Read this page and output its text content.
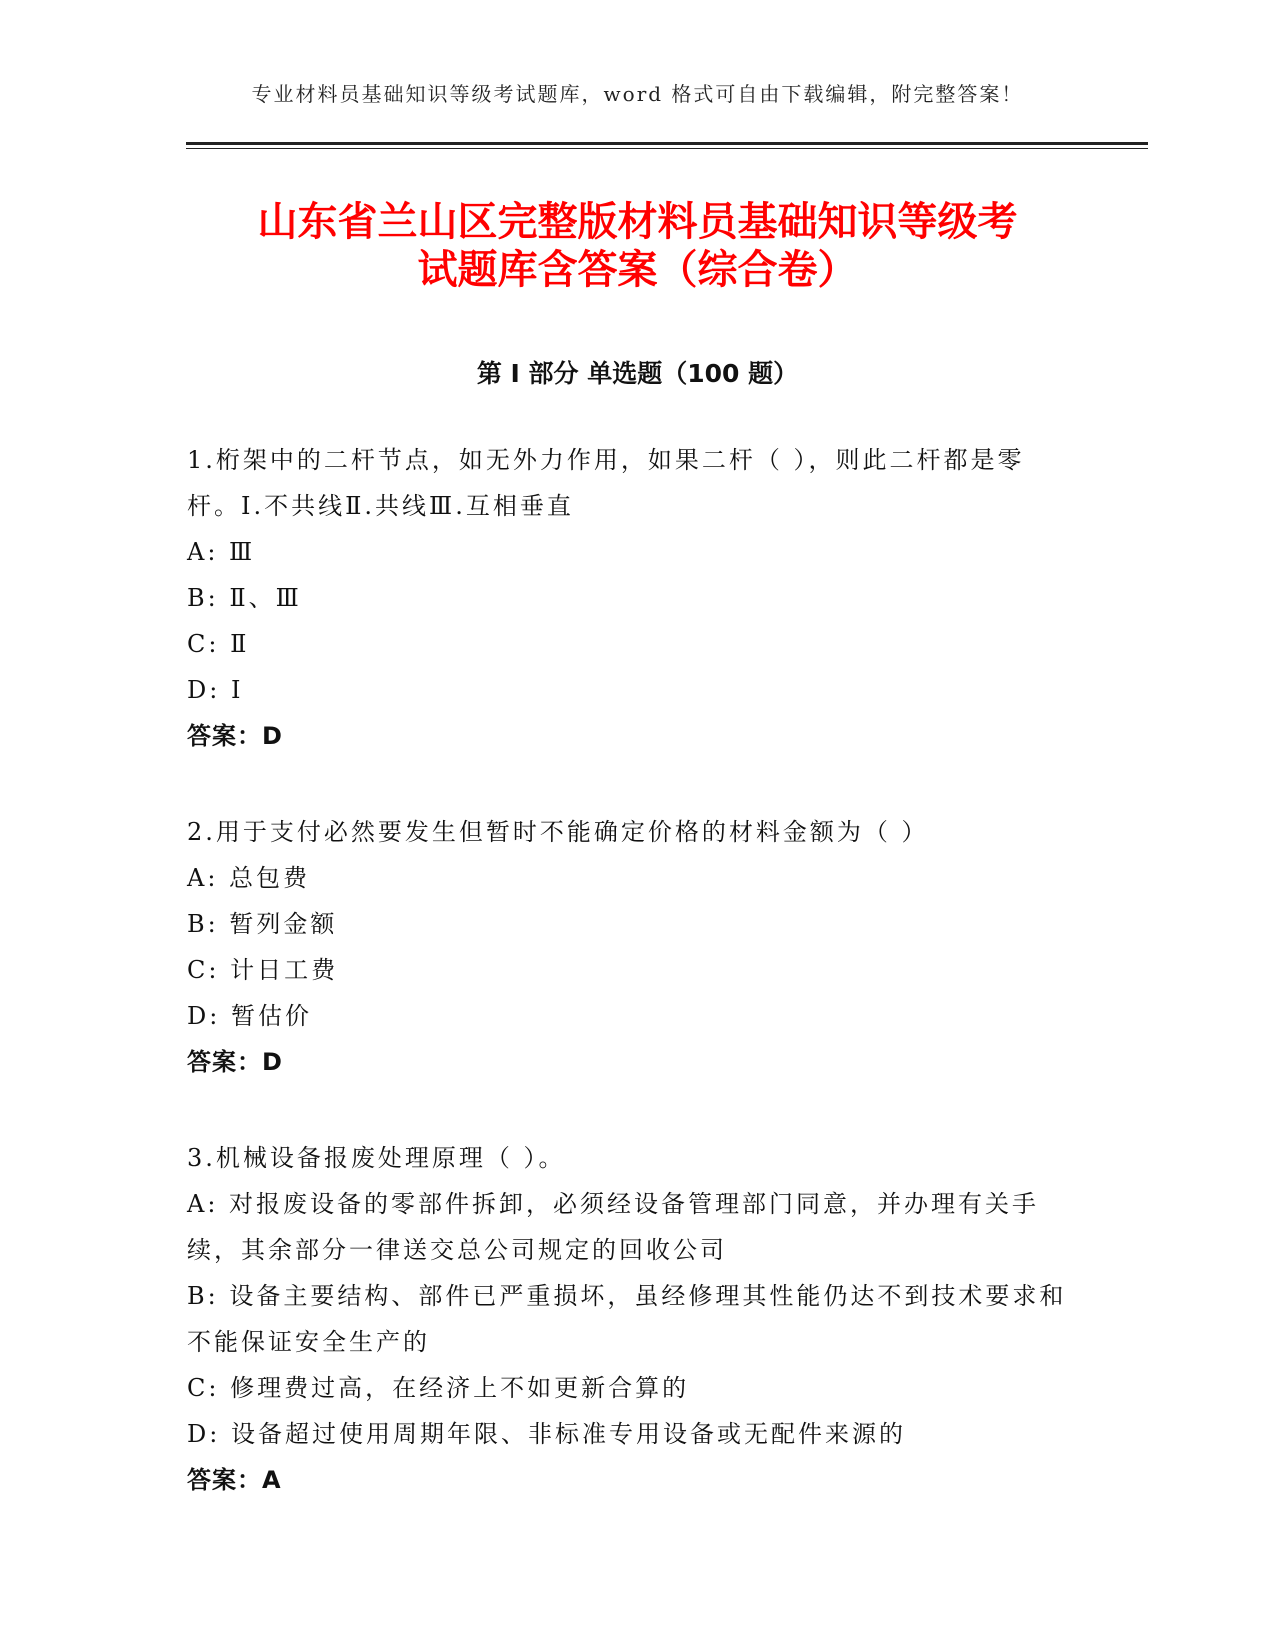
专业材料员基础知识等级考试题库，word 格式可自由下载编辑，附完整答案！
山东省兰山区完整版材料员基础知识等级考
试题库含答案（综合卷）
第 I 部分 单选题（100 题）
1.桁架中的二杆节点，如无外力作用，如果二杆（ ），则此二杆都是零杆。I.不共线Ⅱ.共线Ⅲ.互相垂直
A: Ⅲ
B: Ⅱ、Ⅲ
C: Ⅱ
D: I
答案：D
2.用于支付必然要发生但暂时不能确定价格的材料金额为（ ）
A: 总包费
B: 暂列金额
C: 计日工费
D: 暂估价
答案：D
3.机械设备报废处理原理（ ）。
A: 对报废设备的零部件拆卸，必须经设备管理部门同意，并办理有关手续，其余部分一律送交总公司规定的回收公司
B: 设备主要结构、部件已严重损坏，虽经修理其性能仍达不到技术要求和不能保证安全生产的
C: 修理费过高，在经济上不如更新合算的
D: 设备超过使用周期年限、非标准专用设备或无配件来源的
答案：A
